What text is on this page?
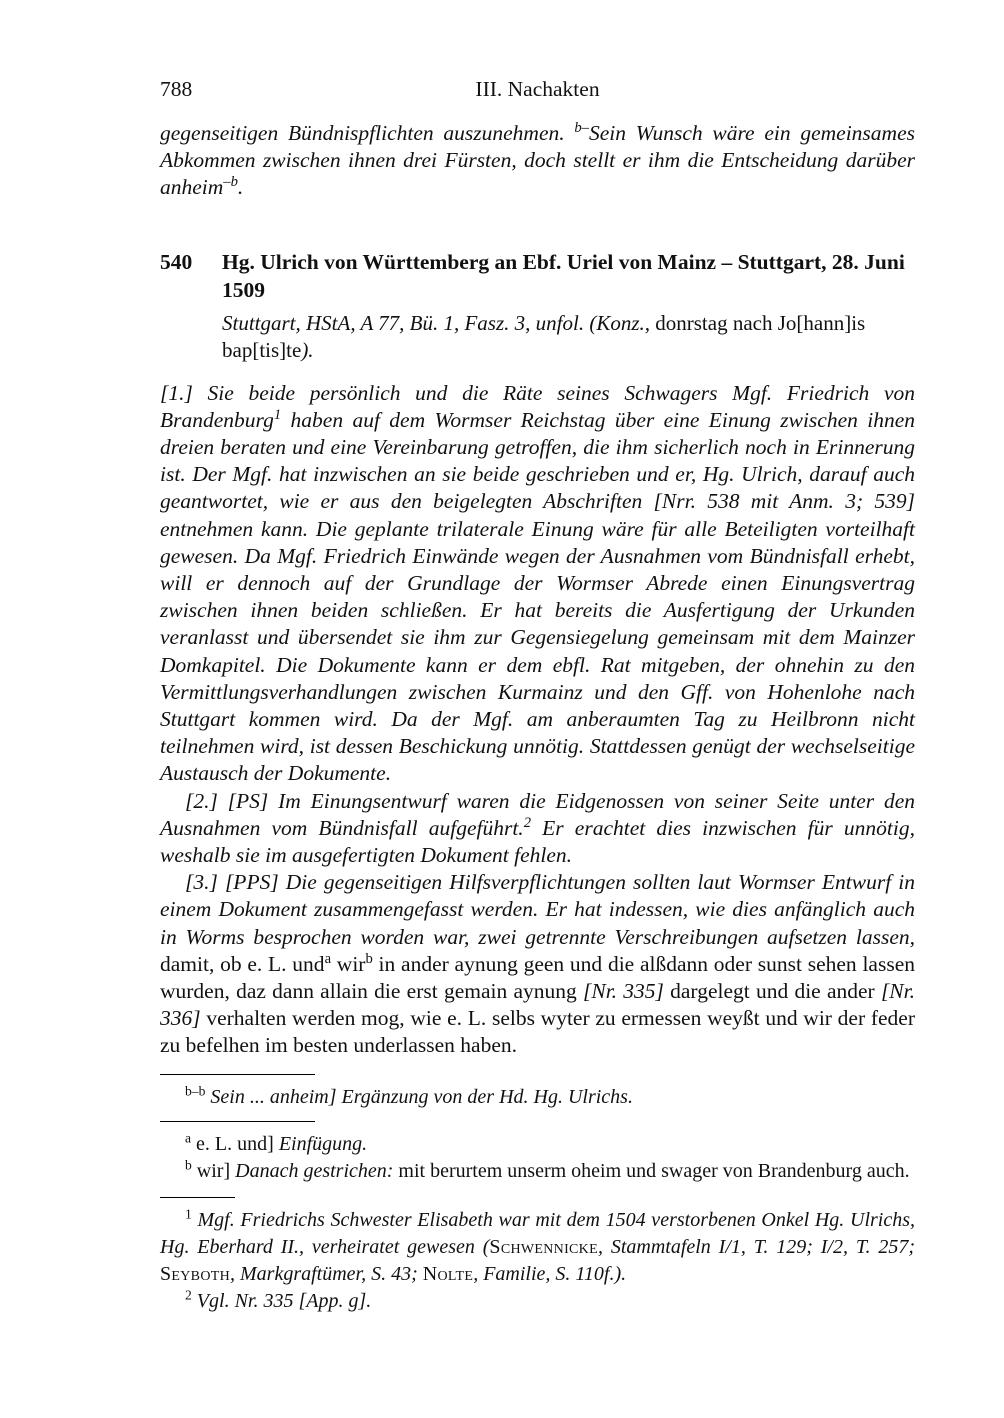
788	III. Nachakten

gegenseitigen Bündnispflichten auszunehmen. $^{b-}$Sein Wunsch wäre ein gemeinsames Abkommen zwischen ihnen drei Fürsten, doch stellt er ihm die Entscheidung darüber anheim$^{-b}$.

540	Hg. Ulrich von Württemberg an Ebf. Uriel von Mainz – Stuttgart, 28. Juni 1509

Stuttgart, HStA, A 77, Bü. 1, Fasz. 3, unfol. (Konz., donrstag nach Jo[hann]is bap[tis]te).

[1.] Sie beide persönlich und die Räte seines Schwagers Mgf. Friedrich von Brandenburg$^1$ haben auf dem Wormser Reichstag über eine Einung zwischen ihnen dreien beraten und eine Vereinbarung getroffen, die ihm sicherlich noch in Erinnerung ist. Der Mgf. hat inzwischen an sie beide geschrieben und er, Hg. Ulrich, darauf auch geantwortet, wie er aus den beigelegten Abschriften [Nrr. 538 mit Anm. 3; 539] entnehmen kann. Die geplante trilaterale Einung wäre für alle Beteiligten vorteilhaft gewesen. Da Mgf. Friedrich Einwände wegen der Ausnahmen vom Bündnisfall erhebt, will er dennoch auf der Grundlage der Wormser Abrede einen Einungsvertrag zwischen ihnen beiden schließen. Er hat bereits die Ausfertigung der Urkunden veranlasst und übersendet sie ihm zur Gegensiegelung gemeinsam mit dem Mainzer Domkapitel. Die Dokumente kann er dem ebfl. Rat mitgeben, der ohnehin zu den Vermittlungsverhandlungen zwischen Kurmainz und den Gff. von Hohenlohe nach Stuttgart kommen wird. Da der Mgf. am anberaumten Tag zu Heilbronn nicht teilnehmen wird, ist dessen Beschickung unnötig. Stattdessen genügt der wechselseitige Austausch der Dokumente.

[2.] [PS] Im Einungsentwurf waren die Eidgenossen von seiner Seite unter den Ausnahmen vom Bündnisfall aufgeführt.$^2$ Er erachtet dies inzwischen für unnötig, weshalb sie im ausgefertigten Dokument fehlen.

[3.] [PPS] Die gegenseitigen Hilfsverpflichtungen sollten laut Wormser Entwurf in einem Dokument zusammengefasst werden. Er hat indessen, wie dies anfänglich auch in Worms besprochen worden war, zwei getrennte Verschreibungen aufsetzen lassen, damit, ob e. L. und$^a$ wir$^b$ in ander aynung geen und die alßdann oder sunst sehen lassen wurden, daz dann allain die erst gemain aynung [Nr. 335] dargelegt und die ander [Nr. 336] verhalten werden mog, wie e. L. selbs wyter zu ermessen weyßt und wir der feder zu befelhen im besten underlassen haben.

$^{b-b}$ Sein ... anheim] Ergänzung von der Hd. Hg. Ulrichs.

$^a$ e. L. und] Einfügung.

$^b$ wir] Danach gestrichen: mit berurtem unserm oheim und swager von Brandenburg auch.

$^1$ Mgf. Friedrichs Schwester Elisabeth war mit dem 1504 verstorbenen Onkel Hg. Ulrichs, Hg. Eberhard II., verheiratet gewesen (Schwennicke, Stammtafeln I/1, T. 129; I/2, T. 257; Seyboth, Markgraftümer, S. 43; Nolte, Familie, S. 110f.).

$^2$ Vgl. Nr. 335 [App. g].
